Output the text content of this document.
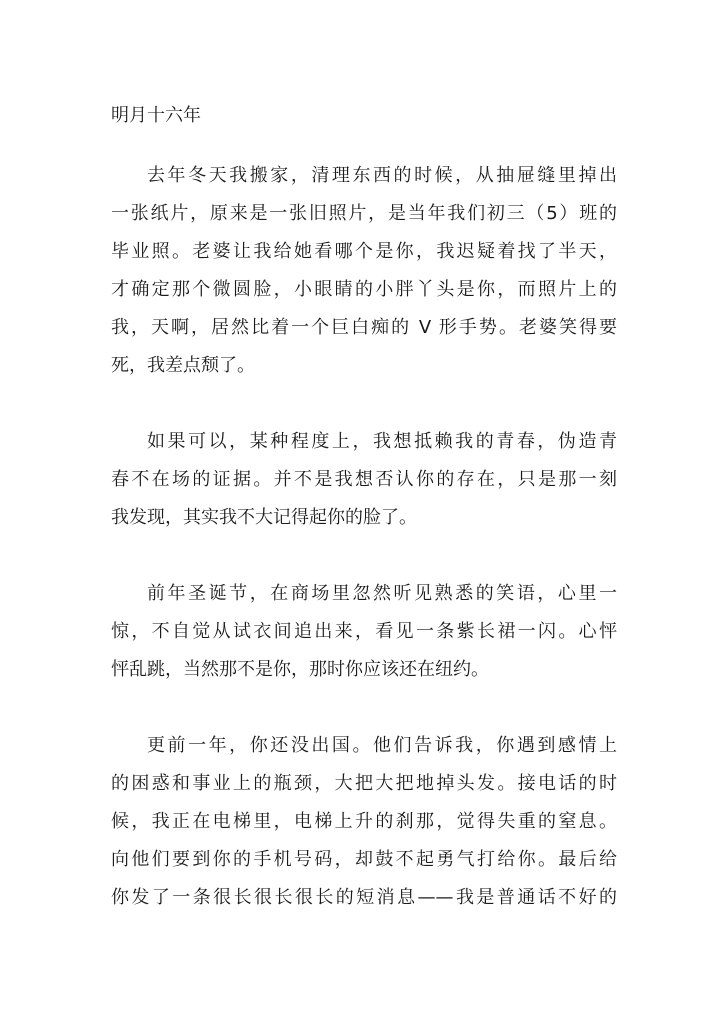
明月十六年
去年冬天我搬家，清理东西的时候，从抽屉缝里掉出
一张纸片，原来是一张旧照片，是当年我们初三（5）班的
毕业照。老婆让我给她看哪个是你，我迟疑着找了半天，
才确定那个微圆脸，小眼睛的小胖丫头是你，而照片上的
我，天啊，居然比着一个巨白痴的 V 形手势。老婆笑得要
死，我差点颓了。
如果可以，某种程度上，我想抵赖我的青春，伪造青
春不在场的证据。并不是我想否认你的存在，只是那一刻
我发现，其实我不大记得起你的脸了。
前年圣诞节，在商场里忽然听见熟悉的笑语，心里一
惊，不自觉从试衣间追出来，看见一条紫长裙一闪。心怦
怦乱跳，当然那不是你，那时你应该还在纽约。
更前一年，你还没出国。他们告诉我，你遇到感情上
的困惑和事业上的瓶颈，大把大把地掉头发。接电话的时
候，我正在电梯里，电梯上升的刹那，觉得失重的窒息。
向他们要到你的手机号码，却鼓不起勇气打给你。最后给
你发了一条很长很长很长的短消息——我是普通话不好的
